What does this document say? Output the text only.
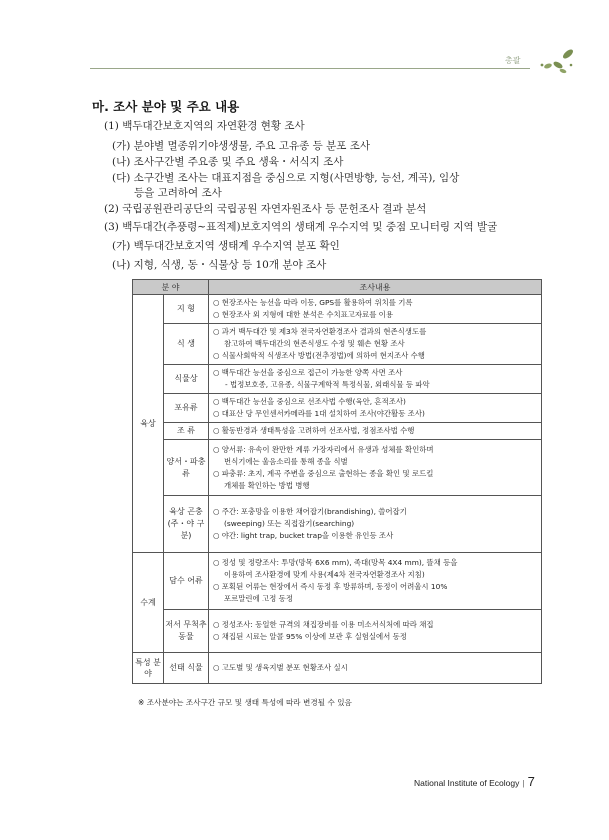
총괄
마. 조사 분야 및 주요 내용
(1) 백두대간보호지역의 자연환경 현황 조사
(가) 분야별 멸종위기야생생물, 주요 고유종 등 분포 조사
(나) 조사구간별 주요종 및 주요 생육・서식지 조사
(다) 소구간별 조사는 대표지점을 중심으로 지형(사면방향, 능선, 계곡), 임상
등을 고려하여 조사
(2) 국립공원관리공단의 국립공원 자연자원조사 등 문헌조사 결과 분석
(3) 백두대간(추풍령∼표적제)보호지역의 생태계 우수지역 및 중점 모니터링 지역 발굴
(가) 백두대간보호지역 생태계 우수지역 분포 확인
(나) 지형, 식생, 동・식물상 등 10개 분야 조사
분 야		조사내용
육상	지 형	○ 현장조사는 능선을 따라 이동, GPS를 활용하여 위치를 기록
○ 현장조사 외 지형에 대한 분석은 수치표고자료를 이용

	식 생	○ 과거 백두대간 및 제3차 전국자연환경조사 결과의 현존식생도를
참고하여 백두대간의 현존식생도 수정 및 훼손 현황 조사
○ 식물사회학적 식생조사 방법(전추정법)에 의하여 현지조사 수행

	식물상	○ 백두대간 능선을 중심으로 접근이 가능한 양쪽 사면 조사
- 법정보호종, 고유종, 식물구계학적 특정식물, 외래식물 등 파악

	포유류	○ 백두대간 능선을 중심으로 선조사법 수행(육안, 흔적조사)
○ 대표산 당 무인센서카메라를 1대 설치하여 조사(야간활동 조사)

	조 류	○ 활동반경과 생태특성을 고려하여 선조사법, 정점조사법 수행

	양서・파충류	○ 양서류: 유속이 완만한 계류 가장자리에서 유생과 성체를 확인하며
번식기에는 울음소리를 통해 종을 식별
○ 파충류: 초지, 계곡 주변을 중심으로 출현하는 종을 확인 및 로드킬
개체를 확인하는 방법 병행

	육상 곤충 (주・야 구분)	○ 주간: 포충망을 이용한 채어잡기(brandishing), 쓸어잡기
(sweeping) 또는 직접잡기(searching)
○ 야간: light trap, bucket trap을 이용한 유인등 조사

수계	담수 어류	○ 정성 및 정량조사: 투망(망목 6X6 mm), 족대(망목 4X4 mm), 뜰채 등을
이용하여 조사환경에 맞게 사용(제4차 전국자연환경조사 지침)
○ 포획된 어류는 현장에서 즉시 동정 후 방류하며, 동정이 어려울시 10%
포르말린에 고정 동정

	저서 무척추 동물	○ 정성조사: 동일한 규격의 채집장비를 이용 미소서식처에 따라 채집
○ 채집된 시료는 알콜 95% 이상에 보관 후 실험실에서 동정

특성 분야	선태 식물	○ 고도별 및 생육지별 분포 현황조사 실시
※ 조사분야는 조사구간 규모 및 생태 특성에 따라 변경될 수 있음
National Institute of Ecology | 7
